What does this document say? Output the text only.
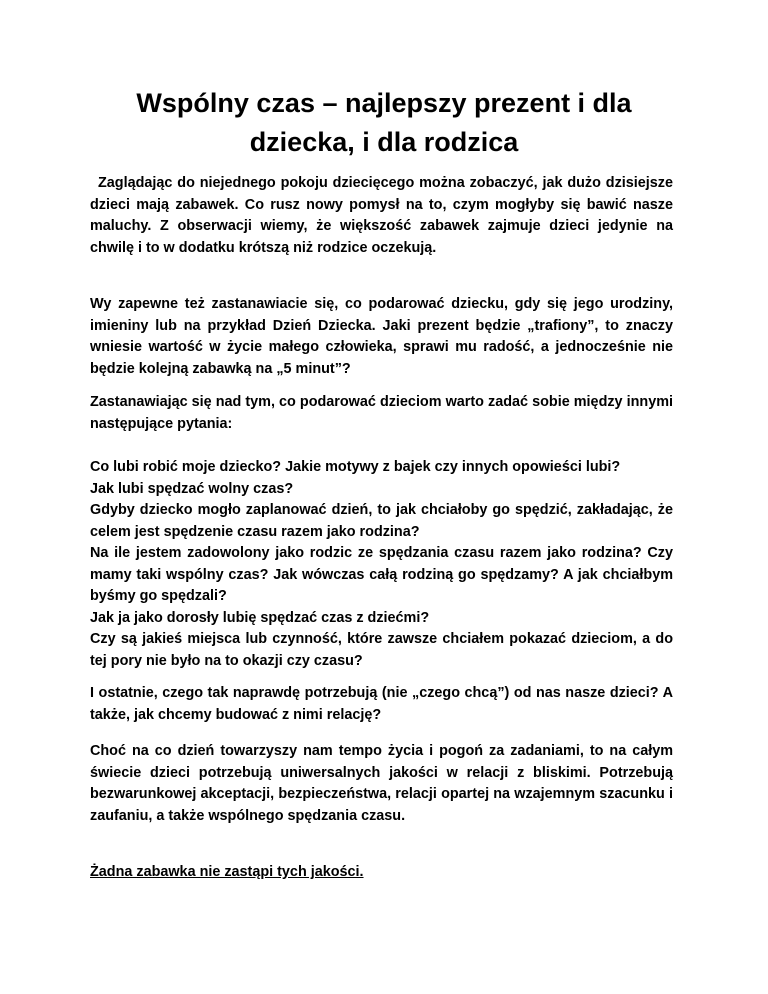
Wspólny czas – najlepszy prezent i dla dziecka, i dla rodzica

Zaglądając do niejednego pokoju dziecięcego można zobaczyć, jak dużo dzisiejsze dzieci mają zabawek. Co rusz nowy pomysł na to, czym mogłyby się bawić nasze maluchy. Z obserwacji wiemy, że większość zabawek zajmuje dzieci jedynie na chwilę i to w dodatku krótszą niż rodzice oczekują.

Wy zapewne też zastanawiacie się, co podarować dziecku, gdy się jego urodziny, imieniny lub na przykład Dzień Dziecka. Jaki prezent będzie „trafiony”, to znaczy wniesie wartość w życie małego człowieka, sprawi mu radość, a jednocześnie nie będzie kolejną zabawką na „5 minut”?

Zastanawiając się nad tym, co podarować dzieciom warto zadać sobie między innymi następujące pytania:

Co lubi robić moje dziecko? Jakie motywy z bajek czy innych opowieści lubi?
Jak lubi spędzać wolny czas?
Gdyby dziecko mogło zaplanować dzień, to jak chciałoby go spędzić, zakładając, że celem jest spędzenie czasu razem jako rodzina?
Na ile jestem zadowolony jako rodzic ze spędzania czasu razem jako rodzina? Czy mamy taki wspólny czas? Jak wówczas całą rodziną go spędzamy? A jak chciałbym byśmy go spędzali?
Jak ja jako dorosły lubię spędzać czas z dziećmi?
Czy są jakieś miejsca lub czynność, które zawsze chciałem pokazać dzieciom, a do tej pory nie było na to okazji czy czasu?

I ostatnie, czego tak naprawdę potrzebują (nie „czego chcą”) od nas nasze dzieci? A także, jak chcemy budować z nimi relację?

Choć na co dzień towarzyszy nam tempo życia i pogoń za zadaniami, to na całym świecie dzieci potrzebują uniwersalnych jakości w relacji z bliskimi. Potrzebują bezwarunkowej akceptacji, bezpieczeństwa, relacji opartej na wzajemnym szacunku i zaufaniu, a także wspólnego spędzania czasu.

Żadna zabawka nie zastąpi tych jakości.
